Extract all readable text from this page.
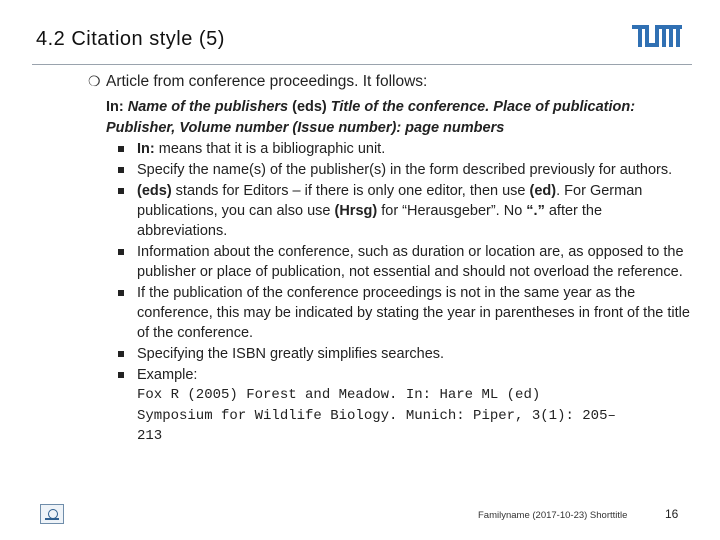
4.2 Citation style (5)
❍ Article from conference proceedings. It follows:
In: Name of the publishers (eds) Title of the conference. Place of publication: Publisher, Volume number (Issue number): page numbers
In: means that it is a bibliographic unit.
Specify the name(s) of the publisher(s) in the form described previously for authors.
(eds) stands for Editors – if there is only one editor, then use (ed). For German publications, you can also use (Hrsg) for “Herausgeber”. No “.” after the abbreviations.
Information about the conference, such as duration or location are, as opposed to the publisher or place of publication, not essential and should not overload the reference.
If the publication of the conference proceedings is not in the same year as the conference, this may be indicated by stating the year in parentheses in front of the title of the conference.
Specifying the ISBN greatly simplifies searches.
Example:
Fox R (2005) Forest and Meadow. In: Hare ML (ed)
Symposium for Wildlife Biology. Munich: Piper, 3(1): 205–
213
Familyname (2017-10-23) Shorttitle	16
